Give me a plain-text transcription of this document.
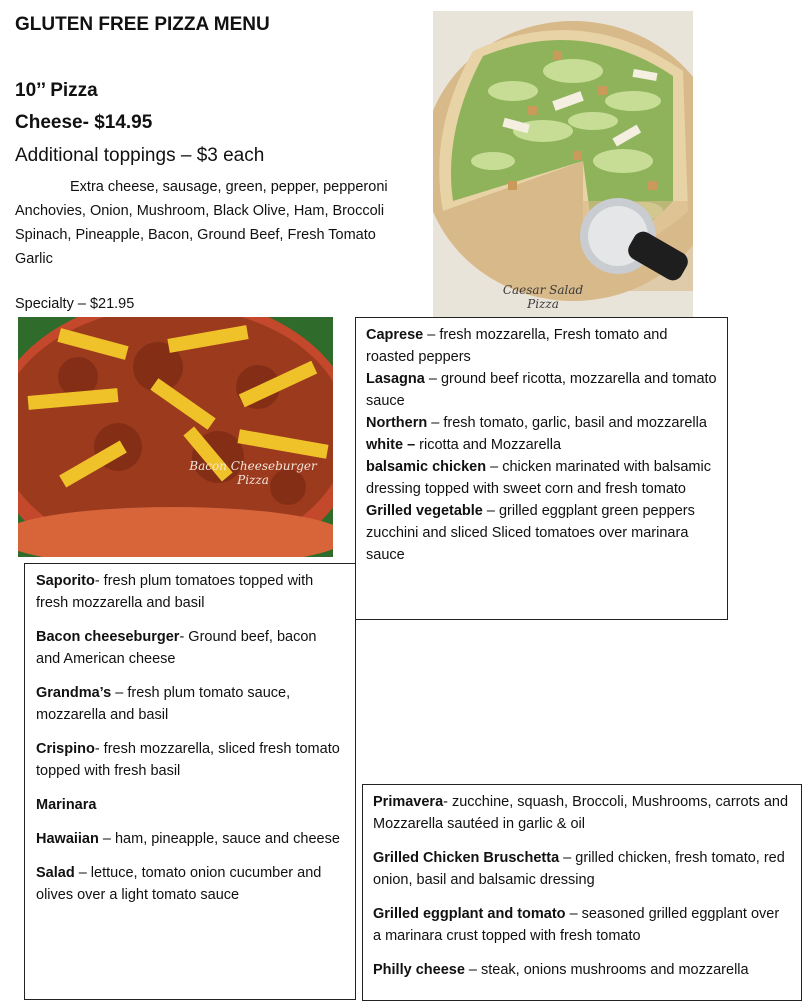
GLUTEN FREE PIZZA MENU
10’’ Pizza
Cheese- $14.95
Additional toppings – $3 each
Extra cheese, sausage, green, pepper, pepperoni Anchovies, Onion, Mushroom, Black Olive, Ham, Broccoli Spinach, Pineapple, Bacon, Ground Beef, Fresh Tomato Garlic
Specialty – $21.95
Caesar Salad
Pizza
Bacon Cheeseburger
Pizza

Caprese – fresh mozzarella, Fresh tomato and roasted peppers

Lasagna – ground beef ricotta, mozzarella and tomato sauce

Northern – fresh tomato, garlic, basil and mozzarella

white – ricotta and Mozzarella

balsamic chicken – chicken marinated with balsamic dressing topped with sweet corn and fresh tomato

Grilled vegetable – grilled eggplant green peppers zucchini and sliced Sliced tomatoes over marinara sauce

Saporito- fresh plum tomatoes topped with fresh mozzarella and basil

Bacon cheeseburger- Ground beef, bacon and American cheese

Grandma’s – fresh plum tomato sauce, mozzarella and basil

Crispino- fresh mozzarella, sliced fresh tomato topped with fresh basil

Marinara

Hawaiian – ham, pineapple, sauce and cheese

Salad – lettuce, tomato onion cucumber and olives over a light tomato sauce

Primavera- zucchine, squash, Broccoli, Mushrooms, carrots and Mozzarella sautéed in garlic & oil

Grilled Chicken Bruschetta – grilled chicken, fresh tomato, red onion, basil and balsamic dressing

Grilled eggplant and tomato – seasoned grilled eggplant over a marinara crust topped with fresh tomato

Philly cheese – steak, onions mushrooms and mozzarella
